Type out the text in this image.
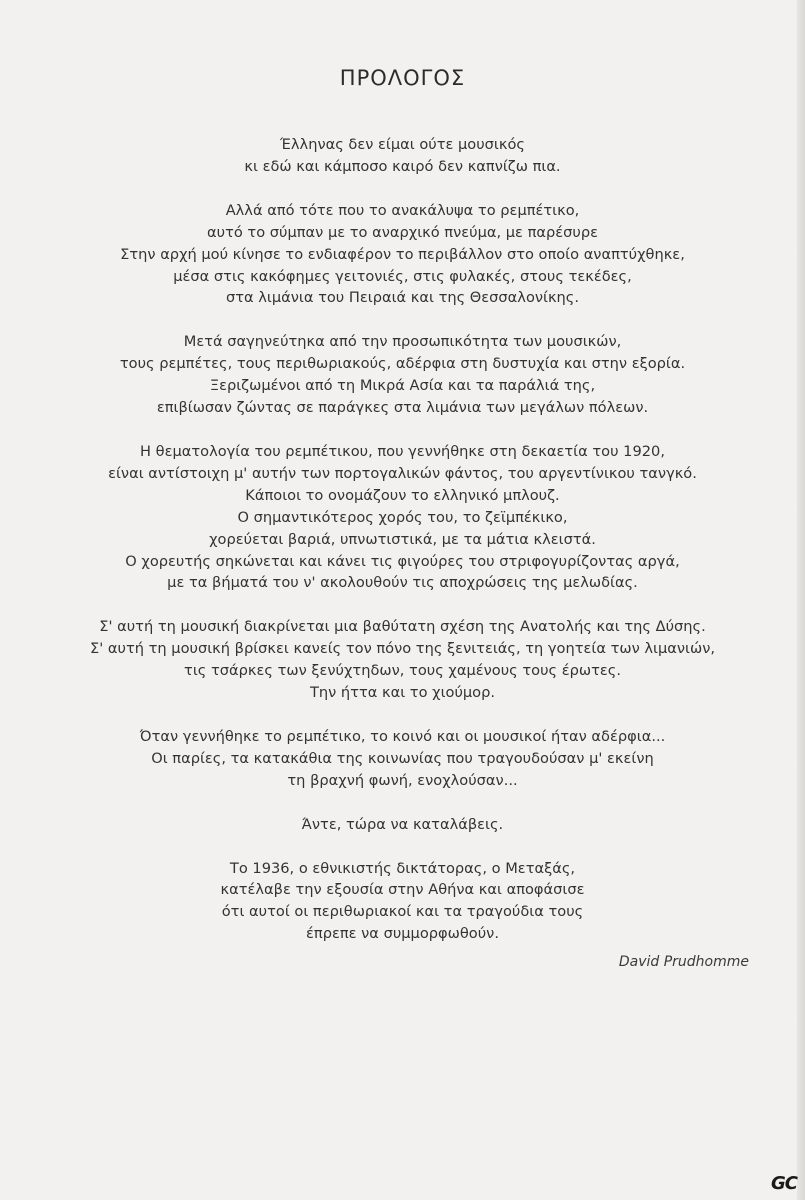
ΠΡΟΛΟΓΟΣ
Έλληνας δεν είμαι ούτε μουσικός
κι εδώ και κάμποσο καιρό δεν καπνίζω πια.
Αλλά από τότε που το ανακάλυψα το ρεμπέτικο,
αυτό το σύμπαν με το αναρχικό πνεύμα, με παρέσυρε
Στην αρχή μού κίνησε το ενδιαφέρον το περιβάλλον στο οποίο αναπτύχθηκε,
μέσα στις κακόφημες γειτονιές, στις φυλακές, στους τεκέδες,
στα λιμάνια του Πειραιά και της Θεσσαλονίκης.
Μετά σαγηνεύτηκα από την προσωπικότητα των μουσικών,
τους ρεμπέτες, τους περιθωριακούς, αδέρφια στη δυστυχία και στην εξορία.
Ξεριζωμένοι από τη Μικρά Ασία και τα παράλιά της,
επιβίωσαν ζώντας σε παράγκες στα λιμάνια των μεγάλων πόλεων.
Η θεματολογία του ρεμπέτικου, που γεννήθηκε στη δεκαετία του 1920,
είναι αντίστοιχη μ' αυτήν των πορτογαλικών φάντος, του αργεντίνικου τανγκό.
Κάποιοι το ονομάζουν το ελληνικό μπλουζ.
Ο σημαντικότερος χορός του, το ζεϊμπέκικο,
χορεύεται βαριά, υπνωτιστικά, με τα μάτια κλειστά.
Ο χορευτής σηκώνεται και κάνει τις φιγούρες του στριφογυρίζοντας αργά,
με τα βήματά του ν' ακολουθούν τις αποχρώσεις της μελωδίας.
Σ' αυτή τη μουσική διακρίνεται μια βαθύτατη σχέση της Ανατολής και της Δύσης.
Σ' αυτή τη μουσική βρίσκει κανείς τον πόνο της ξενιτειάς, τη γοητεία των λιμανιών,
τις τσάρκες των ξενύχτηδων, τους χαμένους τους έρωτες.
Την ήττα και το χιούμορ.
Όταν γεννήθηκε το ρεμπέτικο, το κοινό και οι μουσικοί ήταν αδέρφια...
Οι παρίες, τα κατακάθια της κοινωνίας που τραγουδούσαν μ' εκείνη
τη βραχνή φωνή, ενοχλούσαν...
Άντε, τώρα να καταλάβεις.
Το 1936, ο εθνικιστής δικτάτορας, ο Μεταξάς,
κατέλαβε την εξουσία στην Αθήνα και αποφάσισε
ότι αυτοί οι περιθωριακοί και τα τραγούδια τους
έπρεπε να συμμορφωθούν.
David Prudhomme
GC
